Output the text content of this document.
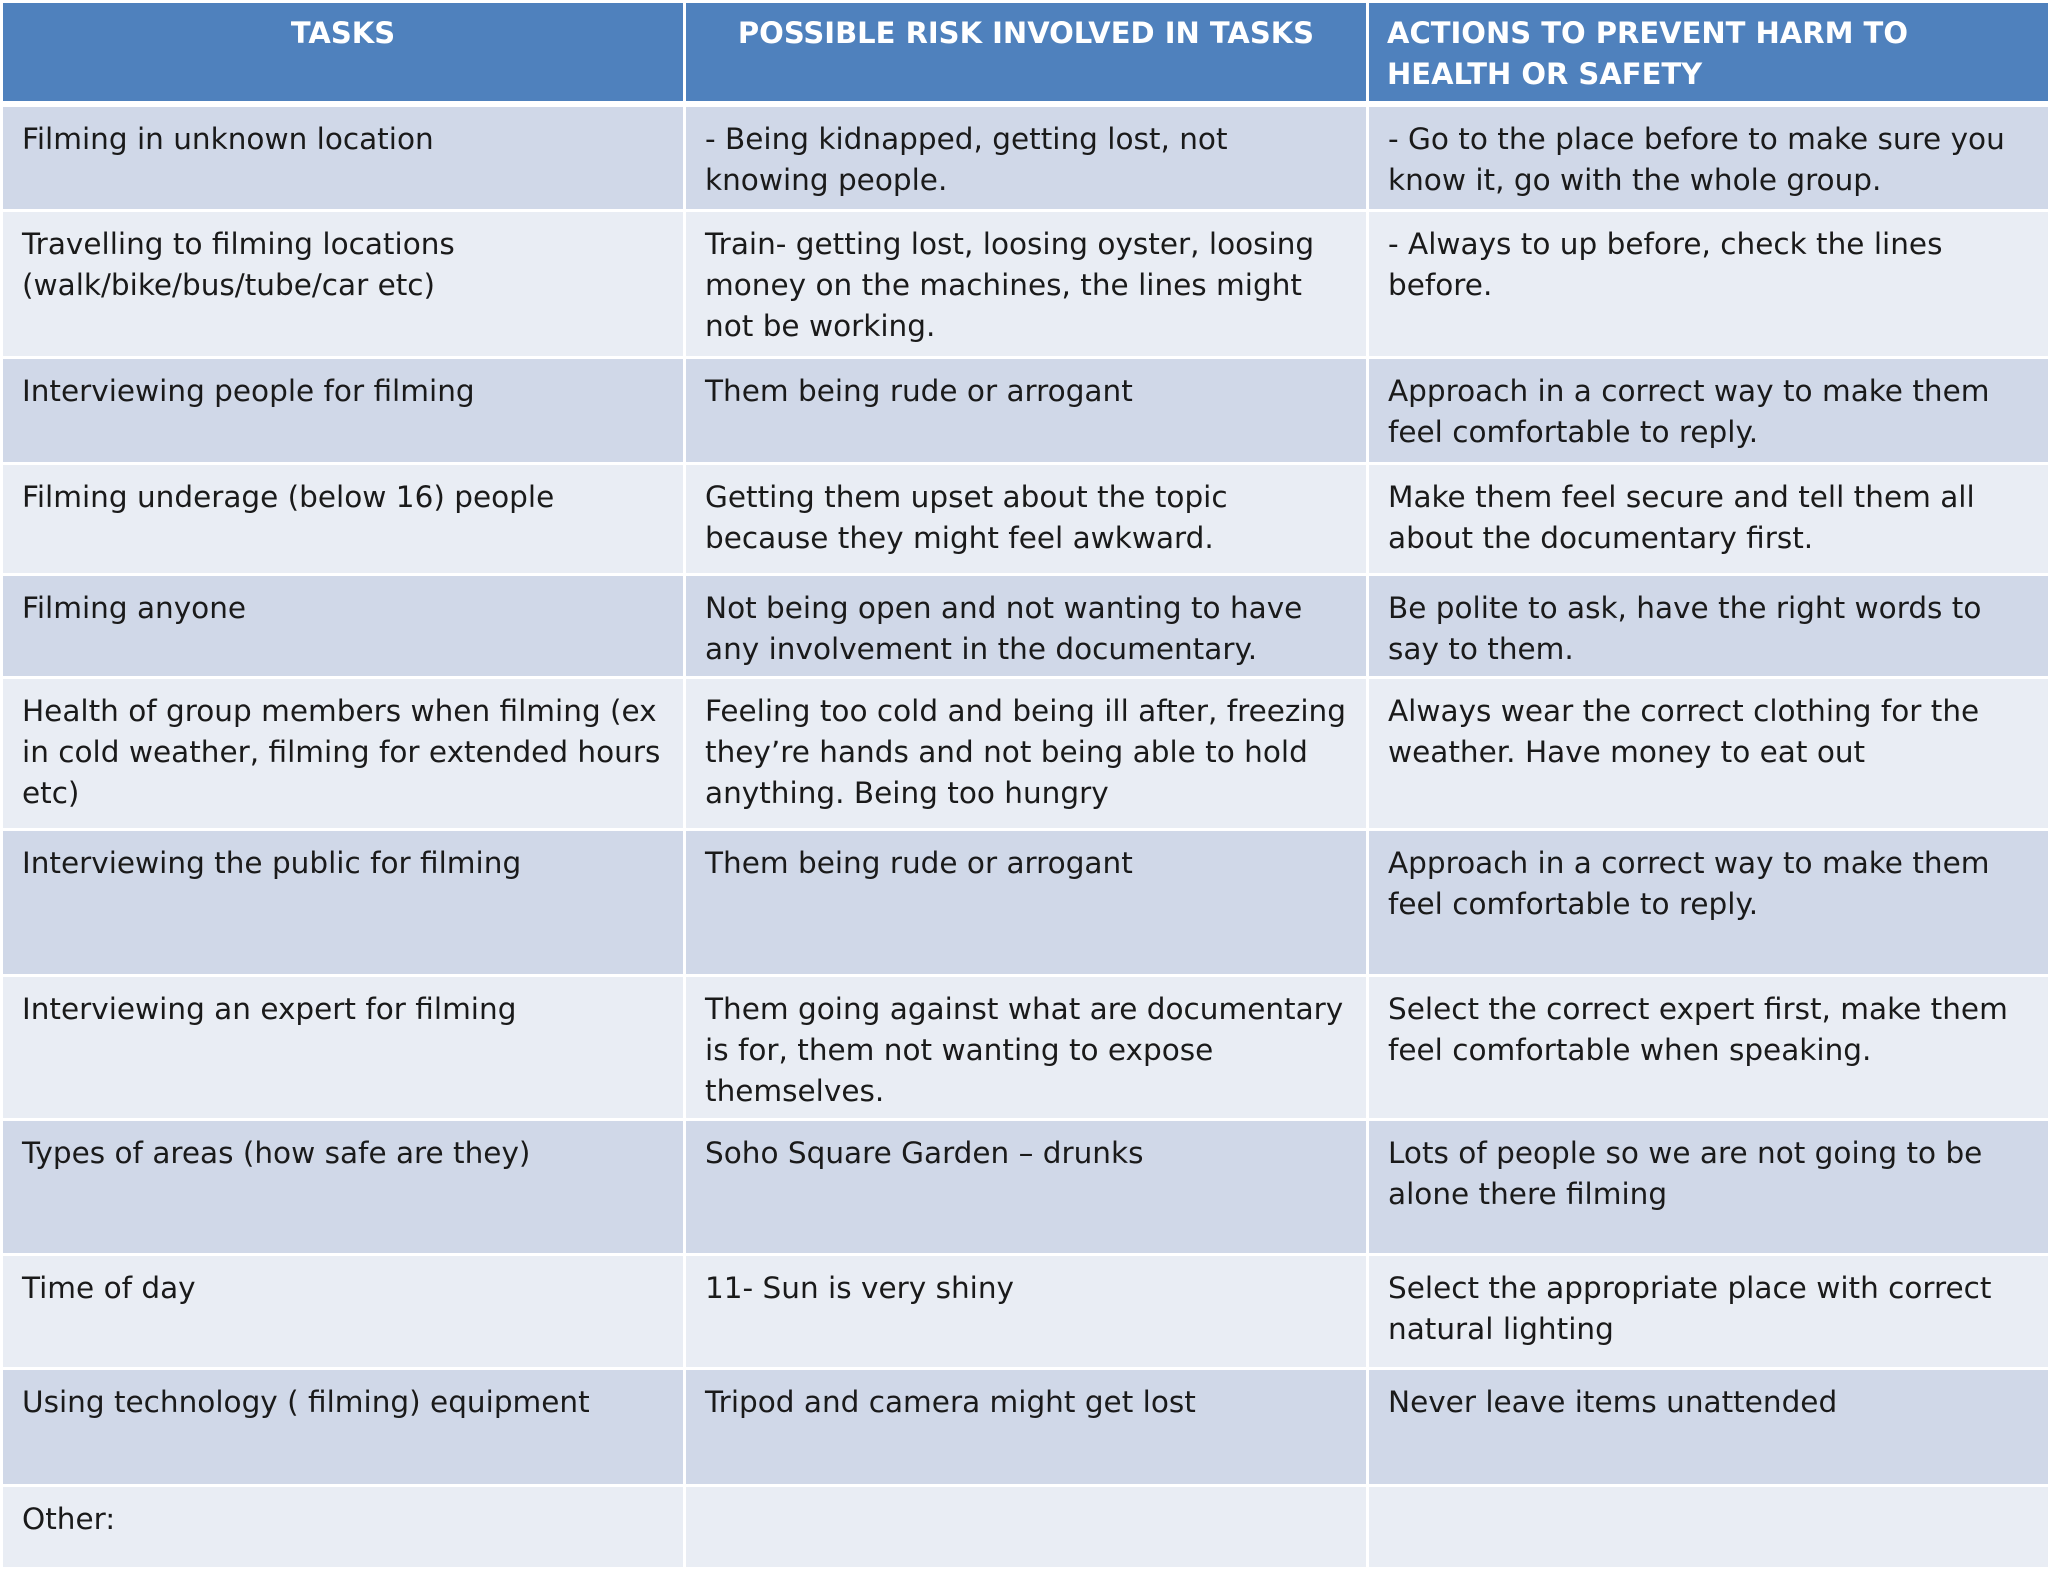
TASKS	POSSIBLE RISK INVOLVED IN TASKS	ACTIONS TO PREVENT HARM TO HEALTH OR SAFETY
Filming in unknown location	- Being kidnapped, getting lost, not knowing people.	- Go to the place before to make sure you know it, go with the whole group.
Travelling to filming locations (walk/bike/bus/tube/car etc)	Train- getting lost, loosing oyster, loosing money on the machines, the lines might not be working.	- Always to up before, check the lines before.
Interviewing people for filming	Them being rude or arrogant	Approach in a correct way to make them feel comfortable to reply.
Filming underage (below 16) people	Getting them upset about the topic because they might feel awkward.	Make them feel secure and tell them all about the documentary first.
Filming anyone	Not being open and not wanting to have any involvement in the documentary.	Be polite to ask, have the right words to say to them.
Health of group members when filming (ex in cold weather, filming for extended hours etc)	Feeling too cold and being ill after, freezing they’re hands and not being able to hold anything. Being too hungry	Always wear the correct clothing for the weather. Have money to eat out
Interviewing the public for filming	Them being rude or arrogant	Approach in a correct way to make them feel comfortable to reply.
Interviewing an expert for filming	Them going against what are documentary is for, them not wanting to expose themselves.	Select the correct expert first, make them feel comfortable when speaking.
Types of areas (how safe are they)	Soho Square Garden – drunks	Lots of people so we are not going to be alone there filming
Time of day	11- Sun is very shiny	Select the appropriate place with correct natural lighting
Using technology ( filming) equipment	Tripod and camera might get lost	Never leave items unattended
Other:		
